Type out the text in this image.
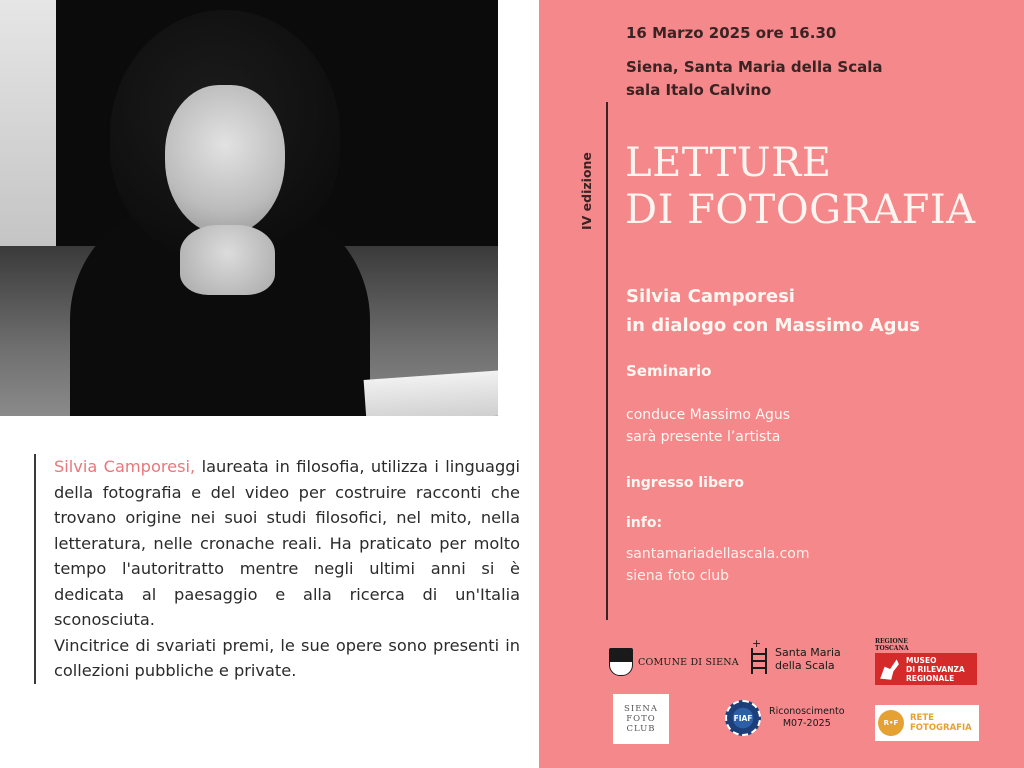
Silvia Camporesi, laureata in filosofia, utilizza i linguaggi della fotografia e del video per costruire racconti che trovano origine nei suoi studi filosofici, nel mito, nella letteratura, nelle cronache reali. Ha praticato per molto tempo l'autoritratto mentre negli ultimi anni si è dedicata al paesaggio e alla ricerca di un'Italia sconosciuta.

Vincitrice di svariati premi, le sue opere sono presenti in collezioni pubbliche e private.

16 Marzo 2025 ore 16.30
Siena, Santa Maria della Scala
sala Italo Calvino
IV edizione LETTURE
DI FOTOGRAFIA
Silvia Camporesi
in dialogo con Massimo Agus
Seminario
conduce Massimo Agus
sarà presente l’artista
ingresso libero
info:
santamariadellascala.com
siena foto club
COMUNE DI SIENA
+
Santa Maria
della Scala
REGIONE
TOSCANA
MUSEO
DI RILEVANZA
REGIONALE
SIENA
FOTO
CLUB
FIAF
Riconoscimento
M07-2025	R•F	RETE
FOTOGRAFIA
